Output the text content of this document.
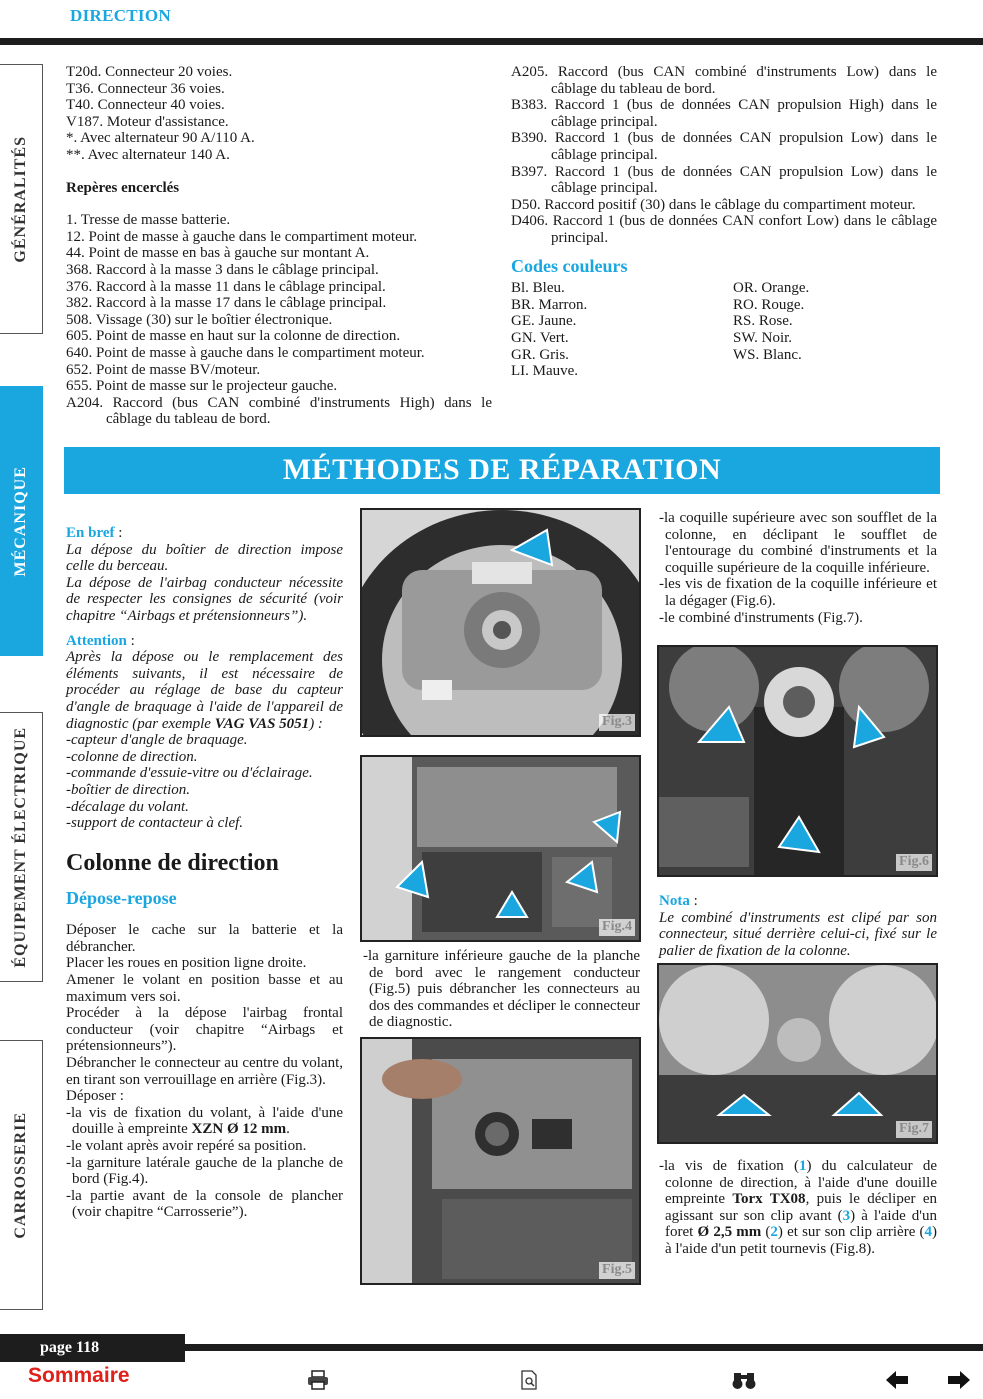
DIRECTION
GÉNÉRALITÉS
MÉCANIQUE
ÉQUIPEMENT ÉLECTRIQUE
CARROSSERIE

T20d. Connecteur 20 voies.

T36. Connecteur 36 voies.

T40. Connecteur 40 voies.

V187. Moteur d'assistance.

*. Avec alternateur 90 A/110 A.

**. Avec alternateur 140 A.

Repères encerclés

1. Tresse de masse batterie.

12. Point de masse à gauche dans le compartiment moteur.

44. Point de masse en bas à gauche sur montant A.

368. Raccord à la masse 3 dans le câblage principal.

376. Raccord à la masse 11 dans le câblage principal.

382. Raccord à la masse 17 dans le câblage principal.

508. Vissage (30) sur le boîtier électronique.

605. Point de masse en haut sur la colonne de direction.

640. Point de masse à gauche dans le compartiment moteur.

652. Point de masse BV/moteur.

655. Point de masse sur le projecteur gauche.

A204. Raccord (bus CAN combiné d'instruments High) dans le câblage du tableau de bord.

A205. Raccord (bus CAN combiné d'instruments Low) dans le câblage du tableau de bord.

B383. Raccord 1 (bus de données CAN propulsion High) dans le câblage principal.

B390. Raccord 1 (bus de données CAN propulsion Low) dans le câblage principal.

B397. Raccord 1 (bus de données CAN propulsion Low) dans le câblage principal.

D50. Raccord positif (30) dans le câblage du compartiment moteur.

D406. Raccord 1 (bus de données CAN confort Low) dans le câblage principal.

Codes couleurs

Bl. Bleu.

BR. Marron.

GE. Jaune.

GN. Vert.

GR. Gris.

LI. Mauve.

OR. Orange.

RO. Rouge.

RS. Rose.

SW. Noir.

WS. Blanc.

MÉTHODES DE RÉPARATION

En bref :

La dépose du boîtier de direction impose celle du berceau.

La dépose de l'airbag conducteur nécessite de respecter les consignes de sécurité (voir chapitre “Airbags et prétensionneurs”).

Attention :

Après la dépose ou le remplacement des éléments suivants, il est nécessaire de procéder au réglage de base du capteur d'angle de braquage à l'aide de l'appareil de diagnostic (par exemple VAG VAS 5051) :

-capteur d'angle de braquage.

-colonne de direction.

-commande d'essuie-vitre ou d'éclairage.

-boîtier de direction.

-décalage du volant.

-support de contacteur à clef.

Colonne de direction

Dépose-repose

Déposer le cache sur la batterie et la débrancher.

Placer les roues en position ligne droite.

Amener le volant en position basse et au maximum vers soi.

Procéder à la dépose l'airbag frontal conducteur (voir chapitre “Airbags et prétensionneurs”).

Débrancher le connecteur au centre du volant, en tirant son verrouillage en arrière (Fig.3).

Déposer :

-la vis de fixation du volant, à l'aide d'une douille à empreinte XZN Ø 12 mm.

-le volant après avoir repéré sa position.

-la garniture latérale gauche de la planche de bord (Fig.4).

-la partie avant de la console de plancher (voir chapitre “Carrosserie”).

Fig.3
Fig.4

-la garniture inférieure gauche de la planche de bord avec le rangement conducteur (Fig.5) puis débrancher les connecteurs au dos des commandes et décliper le connecteur de diagnostic.

Fig.5

-la coquille supérieure avec son soufflet de la colonne, en déclipant le soufflet de l'entourage du combiné d'instruments et la coquille supérieure de la coquille inférieure.

-les vis de fixation de la coquille inférieure et la dégager (Fig.6).

-le combiné d'instruments (Fig.7).

Fig.6

Nota :

Le combiné d'instruments est clipé par son connecteur, situé derrière celui-ci, fixé sur le palier de fixation de la colonne.

Fig.7

-la vis de fixation (1) du calculateur de colonne de direction, à l'aide d'une douille empreinte Torx TX08, puis le décliper en agissant sur son clip avant (3) à l'aide d'un foret Ø 2,5 mm (2) et sur son clip arrière (4) à l'aide d'un petit tournevis (Fig.8).

page 118
Sommaire
